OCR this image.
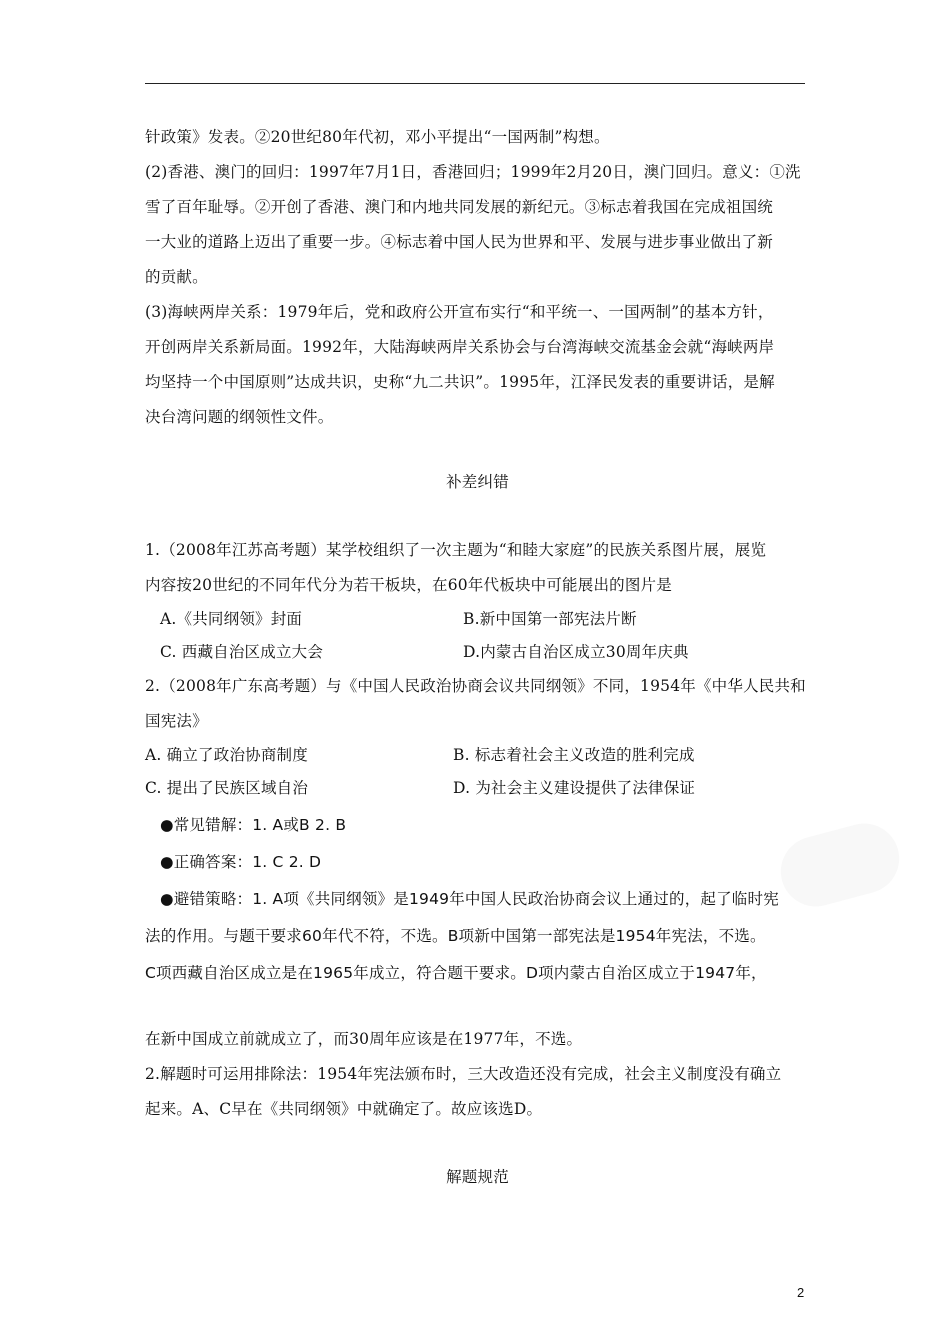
针政策》发表。②20世纪80年代初，邓小平提出“一国两制”构想。

(2)香港、澳门的回归：1997年7月1日，香港回归；1999年2月20日，澳门回归。意义：①洗

雪了百年耻辱。②开创了香港、澳门和内地共同发展的新纪元。③标志着我国在完成祖国统

一大业的道路上迈出了重要一步。④标志着中国人民为世界和平、发展与进步事业做出了新

的贡献。

(3)海峡两岸关系：1979年后，党和政府公开宣布实行“和平统一、一国两制”的基本方针，

开创两岸关系新局面。1992年，大陆海峡两岸关系协会与台湾海峡交流基金会就“海峡两岸

均坚持一个中国原则”达成共识，史称“九二共识”。1995年，江泽民发表的重要讲话，是解

决台湾问题的纲领性文件。

补差纠错

1.（2008年江苏高考题）某学校组织了一次主题为“和睦大家庭”的民族关系图片展，展览

内容按20世纪的不同年代分为若干板块，在60年代板块中可能展出的图片是

A.《共同纲领》封面	B.新中国第一部宪法片断
C. 西藏自治区成立大会	D.内蒙古自治区成立30周年庆典

2.（2008年广东高考题）与《中国人民政治协商会议共同纲领》不同，1954年《中华人民共和

国宪法》

A. 确立了政治协商制度	B. 标志着社会主义改造的胜利完成
C. 提出了民族区域自治	D. 为社会主义建设提供了法律保证

●常见错解：1. A或B 2. B

●正确答案：1. C 2. D

●避错策略：1. A项《共同纲领》是1949年中国人民政治协商会议上通过的，起了临时宪

法的作用。与题干要求60年代不符，不选。B项新中国第一部宪法是1954年宪法，不选。

C项西藏自治区成立是在1965年成立，符合题干要求。D项内蒙古自治区成立于1947年，

在新中国成立前就成立了，而30周年应该是在1977年，不选。

2.解题时可运用排除法：1954年宪法颁布时，三大改造还没有完成，社会主义制度没有确立

起来。A、C早在《共同纲领》中就确定了。故应该选D。

解题规范

2
